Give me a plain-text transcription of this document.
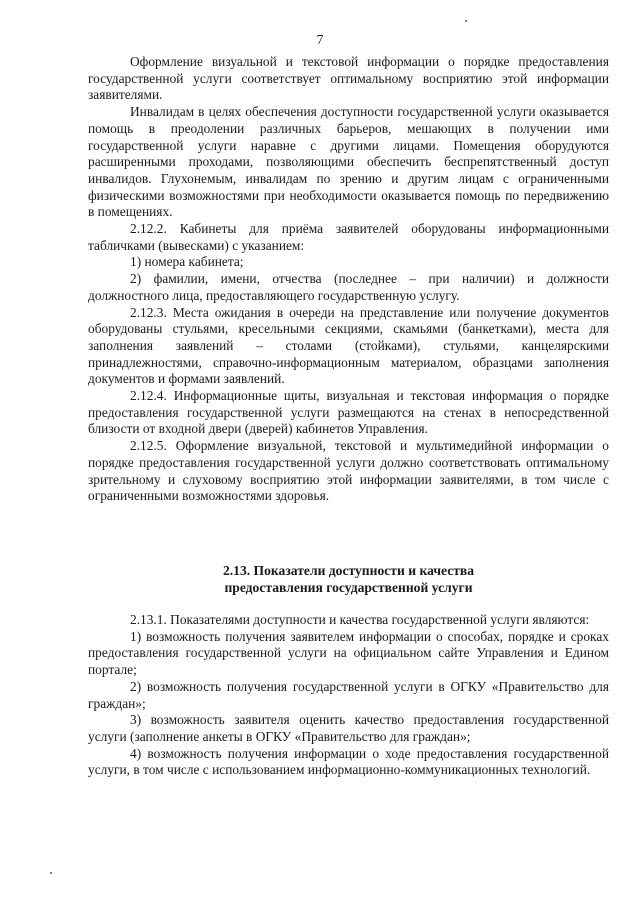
7

Оформление визуальной и текстовой информации о порядке предоставления государственной услуги соответствует оптимальному восприятию этой информации заявителями.

Инвалидам в целях обеспечения доступности государственной услуги оказывается помощь в преодолении различных барьеров, мешающих в получении ими государственной услуги наравне с другими лицами. Помещения оборудуются расширенными проходами, позволяющими обеспечить беспрепятственный доступ инвалидов. Глухонемым, инвалидам по зрению и другим лицам с ограниченными физическими возможностями при необходимости оказывается помощь по передвижению в помещениях.

2.12.2. Кабинеты для приёма заявителей оборудованы информационными табличками (вывесками) с указанием:

1) номера кабинета;

2) фамилии, имени, отчества (последнее – при наличии) и должности должностного лица, предоставляющего государственную услугу.

2.12.3. Места ожидания в очереди на представление или получение документов оборудованы стульями, кресельными секциями, скамьями (банкетками), места для заполнения заявлений – столами (стойками), стульями, канцелярскими принадлежностями, справочно-информационным материалом, образцами заполнения документов и формами заявлений.

2.12.4. Информационные щиты, визуальная и текстовая информация о порядке предоставления государственной услуги размещаются на стенах в непосредственной близости от входной двери (дверей) кабинетов Управления.

2.12.5. Оформление визуальной, текстовой и мультимедийной информации о порядке предоставления государственной услуги должно соответствовать оптимальному зрительному и слуховому восприятию этой информации заявителями, в том числе с ограниченными возможностями здоровья.

2.13. Показатели доступности и качества
предоставления государственной услуги

2.13.1. Показателями доступности и качества государственной услуги являются:

1) возможность получения заявителем информации о способах, порядке и сроках предоставления государственной услуги на официальном сайте Управления и Едином портале;

2) возможность получения государственной услуги в ОГКУ «Правительство для граждан»;

3) возможность заявителя оценить качество предоставления государственной услуги (заполнение анкеты в ОГКУ «Правительство для граждан»;

4) возможность получения информации о ходе предоставления государственной услуги, в том числе с использованием информационно-коммуникационных технологий.
